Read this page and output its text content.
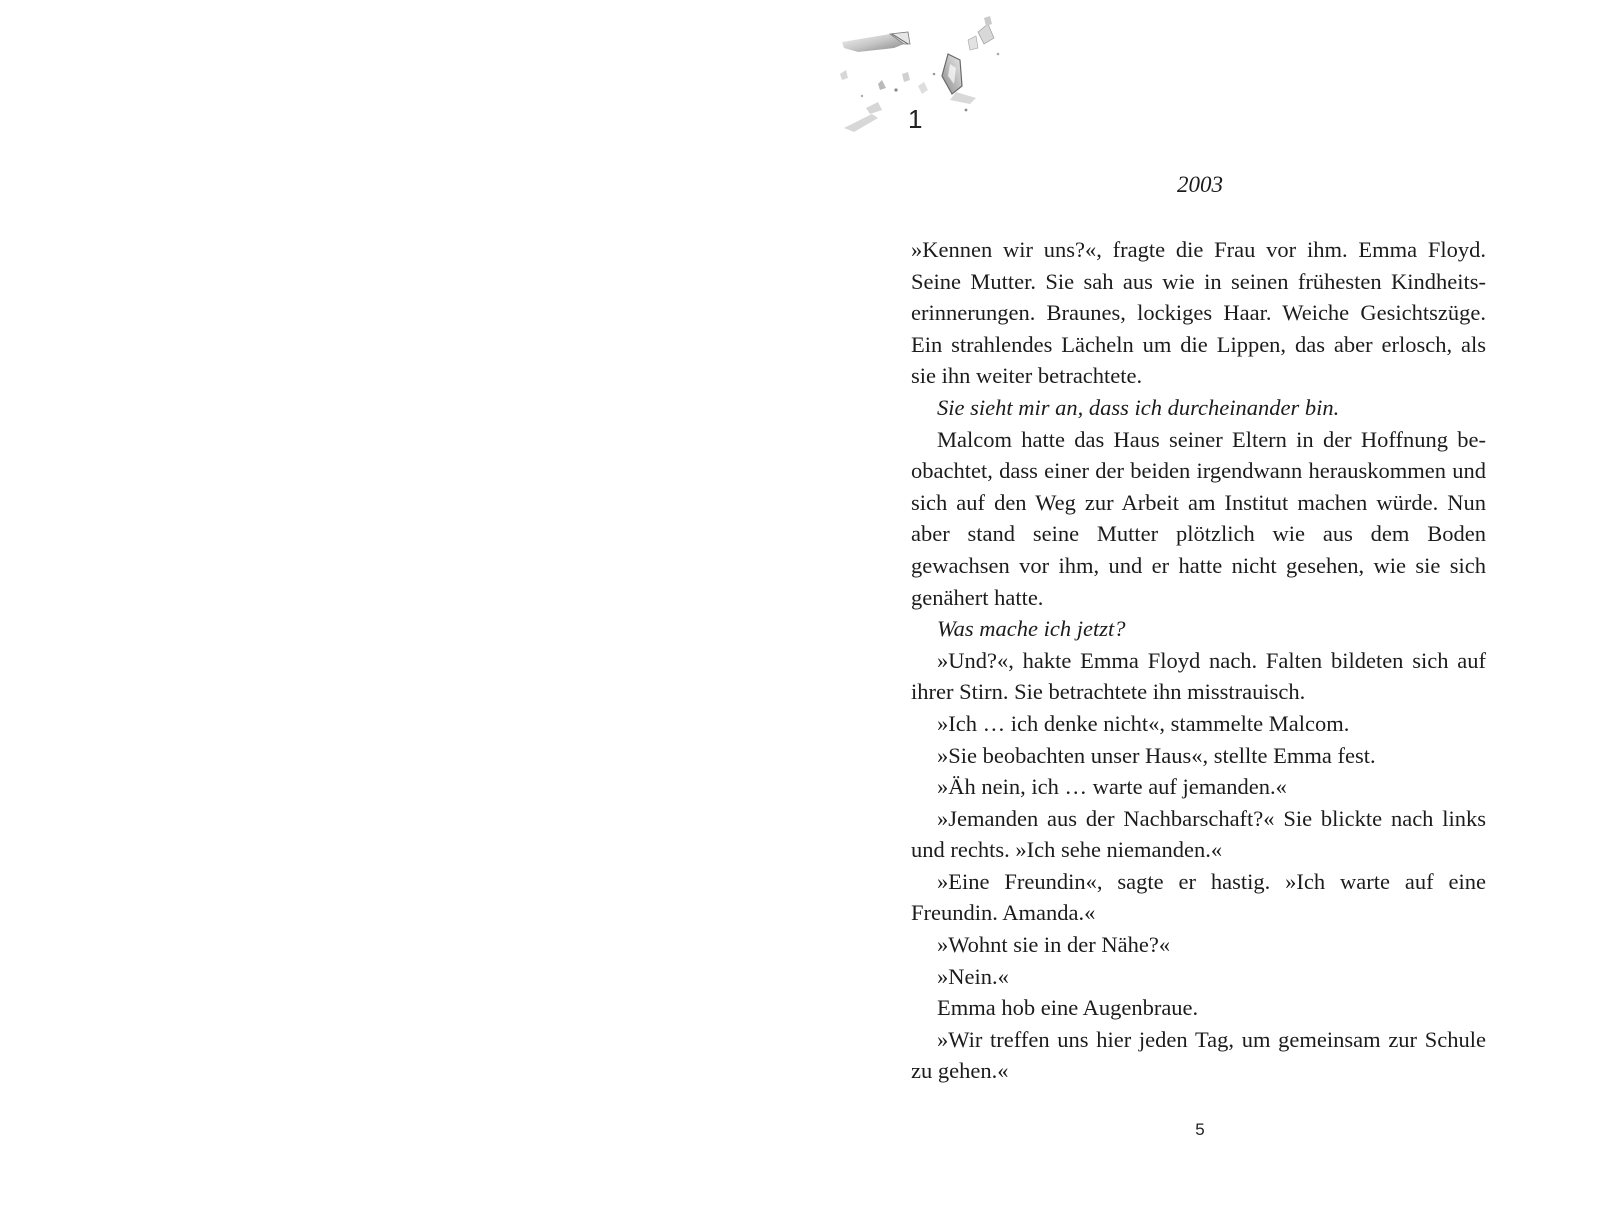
1
2003

»Kennen wir uns?«, fragte die Frau vor ihm. Emma Floyd. Seine Mutter. Sie sah aus wie in seinen frühesten Kindheitserinnerungen. Braunes, lockiges Haar. Weiche Gesichtszüge. Ein strahlendes Lächeln um die Lippen, das aber erlosch, als sie ihn weiter betrachtete.

Sie sieht mir an, dass ich durcheinander bin.

Malcom hatte das Haus seiner Eltern in der Hoffnung beobachtet, dass einer der beiden irgendwann herauskommen und sich auf den Weg zur Arbeit am Institut machen würde. Nun aber stand seine Mutter plötzlich wie aus dem Boden gewachsen vor ihm, und er hatte nicht gesehen, wie sie sich genähert hatte.

Was mache ich jetzt?

»Und?«, hakte Emma Floyd nach. Falten bildeten sich auf ihrer Stirn. Sie betrachtete ihn misstrauisch.

»Ich … ich denke nicht«, stammelte Malcom.

»Sie beobachten unser Haus«, stellte Emma fest.

»Äh nein, ich … warte auf jemanden.«

»Jemanden aus der Nachbarschaft?« Sie blickte nach links und rechts. »Ich sehe niemanden.«

»Eine Freundin«, sagte er hastig. »Ich warte auf eine Freundin. Amanda.«

»Wohnt sie in der Nähe?«

»Nein.«

Emma hob eine Augenbraue.

»Wir treffen uns hier jeden Tag, um gemeinsam zur Schule zu gehen.«

5
